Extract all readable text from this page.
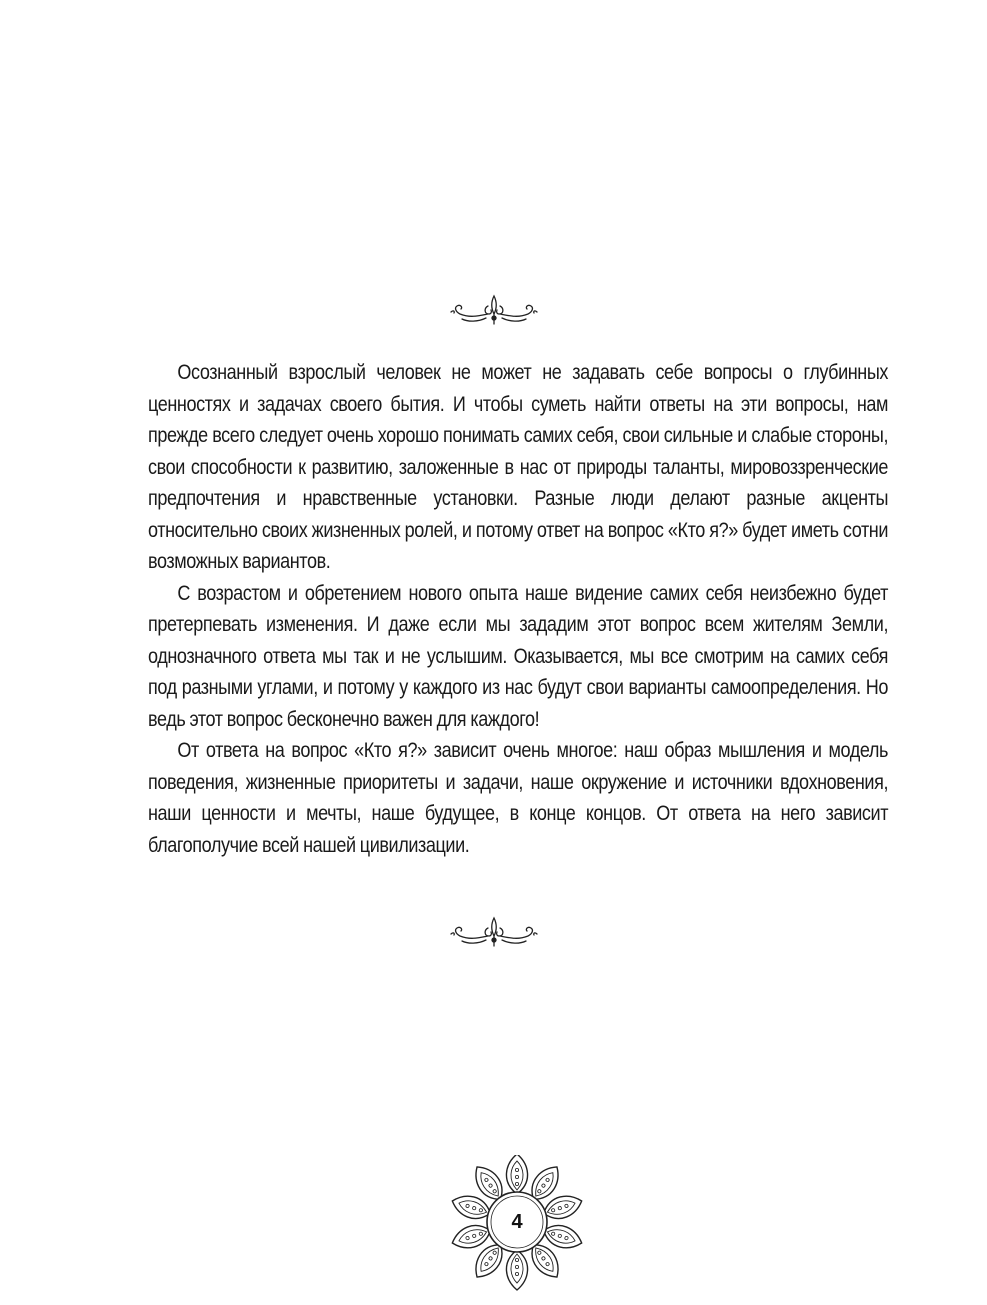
Осознанный взрослый человек не может не задавать себе вопросы о глубинных ценностях и задачах своего бытия. И чтобы суметь найти ответы на эти вопросы, нам прежде всего следует очень хорошо понимать самих себя, свои сильные и слабые стороны, свои способности к развитию, заложенные в нас от природы таланты, мировоззренческие предпочтения и нравственные установки. Разные люди делают разные акценты относительно своих жизненных ролей, и потому ответ на вопрос «Кто я?» будет иметь сотни возможных вариантов.

С возрастом и обретением нового опыта наше видение самих себя неизбежно будет претерпевать изменения. И даже если мы зададим этот вопрос всем жителям Земли, однозначного ответа мы так и не услышим. Оказывается, мы все смотрим на самих себя под разными углами, и потому у каждого из нас будут свои варианты самоопределения. Но ведь этот вопрос бесконечно важен для каждого!

От ответа на вопрос «Кто я?» зависит очень многое: наш образ мышления и модель поведения, жизненные приоритеты и задачи, наше окружение и источники вдохновения, наши ценности и мечты, наше будущее, в конце концов. От ответа на него зависит благополучие всей нашей цивилизации.

4
